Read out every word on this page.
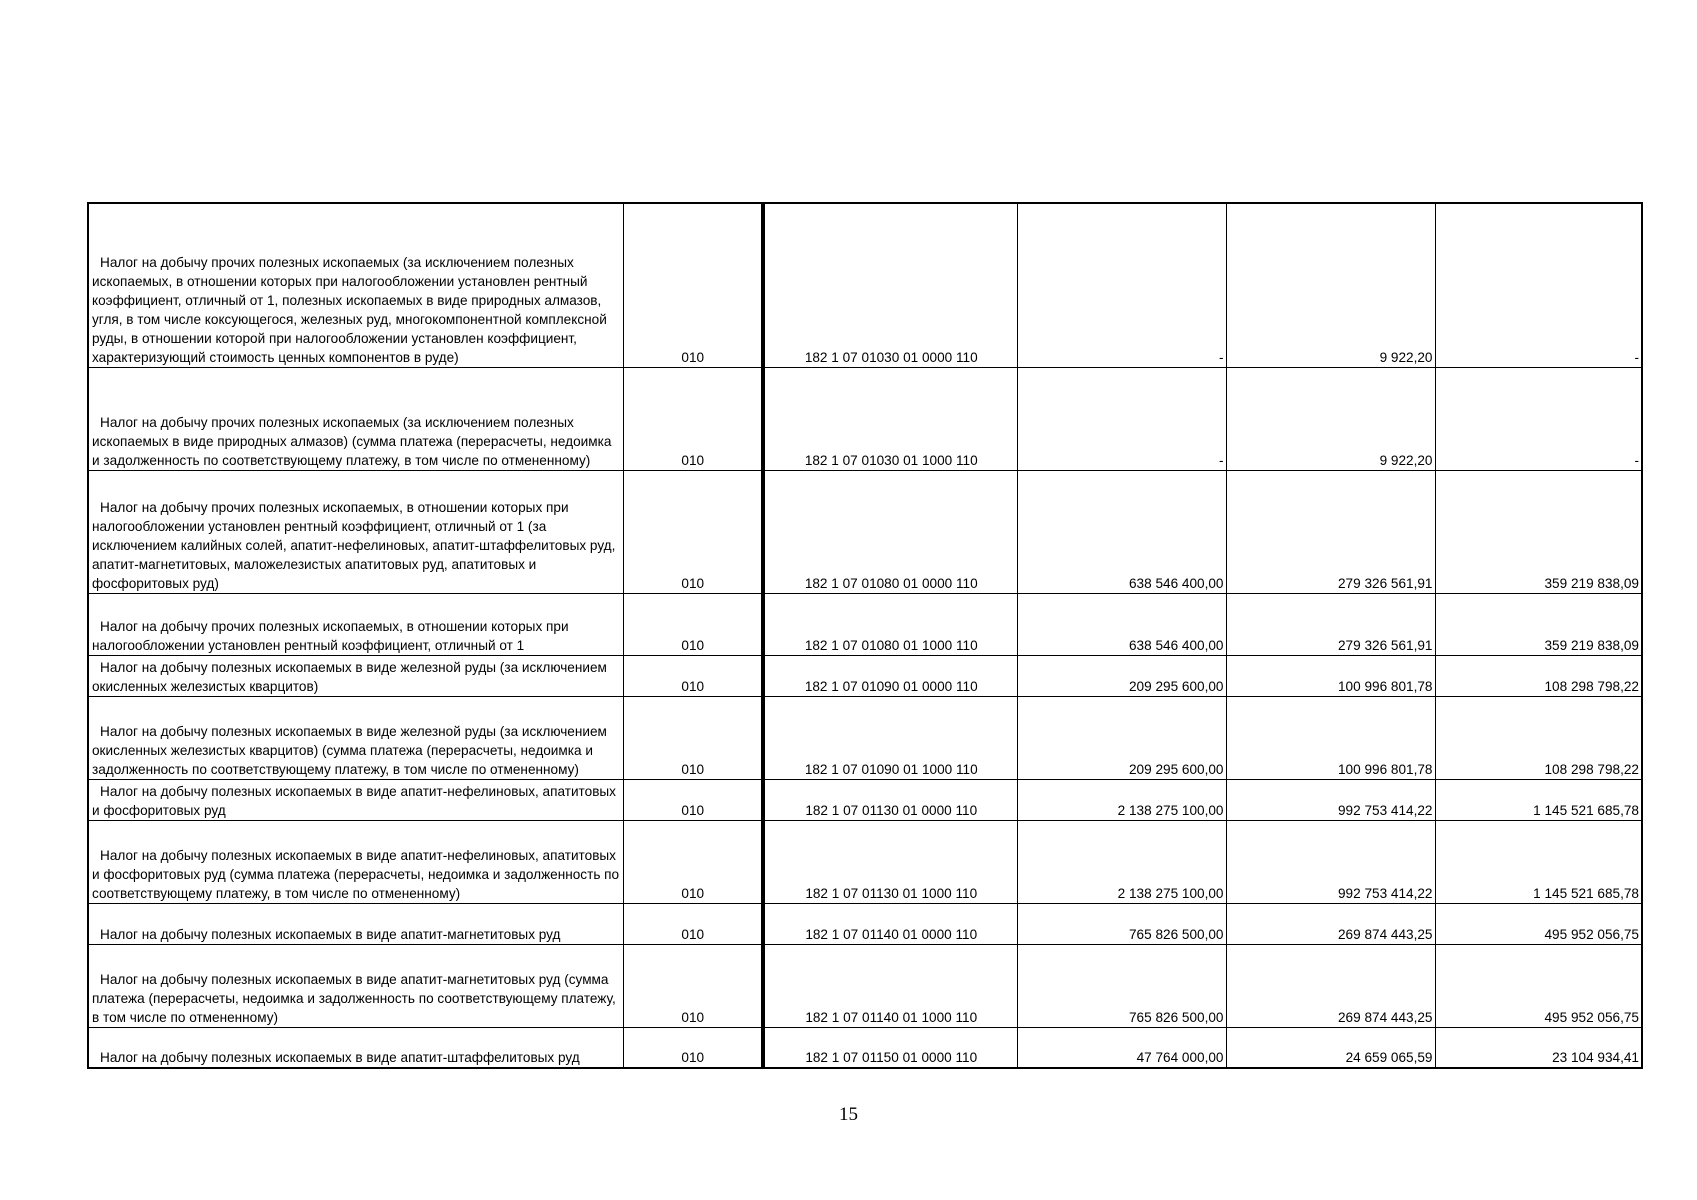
Налог на добычу прочих полезных ископаемых (за исключением полезных ископаемых, в отношении которых при налогообложении установлен рентный коэффициент, отличный от 1, полезных ископаемых в виде природных алмазов, угля, в том числе коксующегося, железных руд, многокомпонентной комплексной руды, в отношении которой при налогообложении установлен коэффициент, характеризующий стоимость ценных компонентов в руде)	010	182 1 07 01030 01 0000 110	-	9 922,20	-
Налог на добычу прочих полезных ископаемых (за исключением полезных ископаемых в виде природных алмазов) (сумма платежа (перерасчеты, недоимка и задолженность по соответствующему платежу, в том числе по отмененному)	010	182 1 07 01030 01 1000 110	-	9 922,20	-
Налог на добычу прочих полезных ископаемых, в отношении которых при налогообложении установлен рентный коэффициент, отличный от 1 (за исключением калийных солей, апатит-нефелиновых, апатит-штаффелитовых руд, апатит-магнетитовых, маложелезистых апатитовых руд, апатитовых и фосфоритовых руд)	010	182 1 07 01080 01 0000 110	638 546 400,00	279 326 561,91	359 219 838,09
Налог на добычу прочих полезных ископаемых, в отношении которых при налогообложении установлен рентный коэффициент, отличный от 1	010	182 1 07 01080 01 1000 110	638 546 400,00	279 326 561,91	359 219 838,09
Налог на добычу полезных ископаемых в виде железной руды (за исключением окисленных железистых кварцитов)	010	182 1 07 01090 01 0000 110	209 295 600,00	100 996 801,78	108 298 798,22
Налог на добычу полезных ископаемых в виде железной руды (за исключением окисленных железистых кварцитов) (сумма платежа (перерасчеты, недоимка и задолженность по соответствующему платежу, в том числе по отмененному)	010	182 1 07 01090 01 1000 110	209 295 600,00	100 996 801,78	108 298 798,22
Налог на добычу полезных ископаемых в виде апатит-нефелиновых, апатитовых и фосфоритовых руд	010	182 1 07 01130 01 0000 110	2 138 275 100,00	992 753 414,22	1 145 521 685,78
Налог на добычу полезных ископаемых в виде апатит-нефелиновых, апатитовых и фосфоритовых руд (сумма платежа (перерасчеты, недоимка и задолженность по соответствующему платежу, в том числе по отмененному)	010	182 1 07 01130 01 1000 110	2 138 275 100,00	992 753 414,22	1 145 521 685,78
Налог на добычу полезных ископаемых в виде апатит-магнетитовых руд	010	182 1 07 01140 01 0000 110	765 826 500,00	269 874 443,25	495 952 056,75
Налог на добычу полезных ископаемых в виде апатит-магнетитовых руд (сумма платежа (перерасчеты, недоимка и задолженность по соответствующему платежу, в том числе по отмененному)	010	182 1 07 01140 01 1000 110	765 826 500,00	269 874 443,25	495 952 056,75
Налог на добычу полезных ископаемых в виде апатит-штаффелитовых руд	010	182 1 07 01150 01 0000 110	47 764 000,00	24 659 065,59	23 104 934,41
15
